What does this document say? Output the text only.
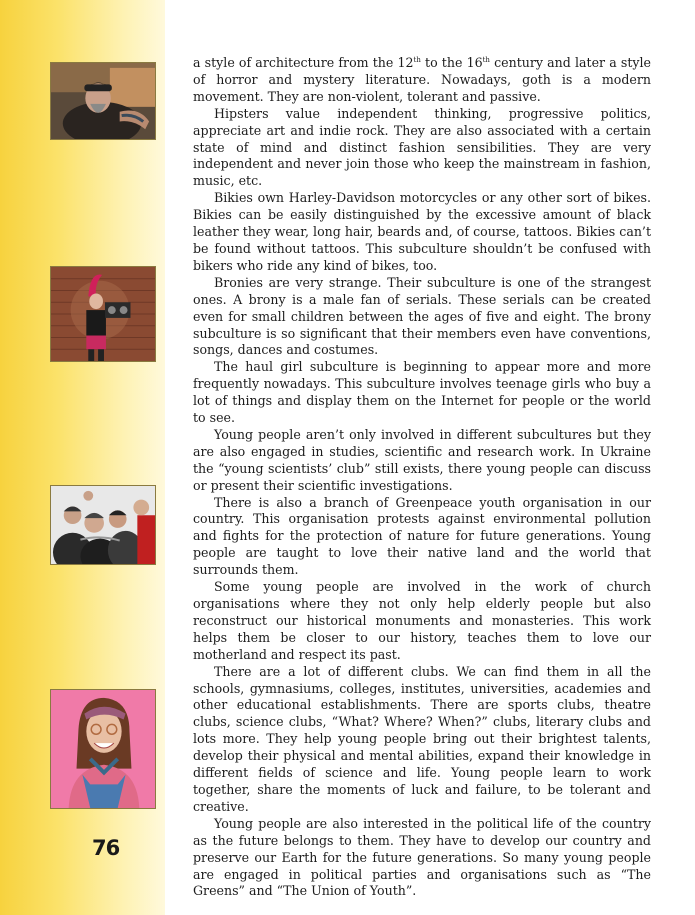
76

a style of architecture from the 12th to the 16th century and later a style of horror and mystery literature. Nowadays, goth is a modern movement. They are non-violent, tolerant and passive.

Hipsters value independent thinking, progressive politics, appreciate art and indie rock. They are also associated with a certain state of mind and distinct fashion sensibilities. They are very independent and never join those who keep the mainstream in fashion, music, etc.

Bikies own Harley-Davidson motorcycles or any other sort of bikes. Bikies can be easily distinguished by the excessive amount of black leather they wear, long hair, beards and, of course, tattoos. Bikies can’t be found without tattoos. This subculture shouldn’t be confused with bikers who ride any kind of bikes, too.

Bronies are very strange. Their subculture is one of the strangest ones. A brony is a male fan of serials. These serials can be created even for small children between the ages of five and eight. The brony subculture is so significant that their members even have conventions, songs, dances and costumes.

The haul girl subculture is beginning to appear more and more frequently nowadays. This subculture involves teenage girls who buy a lot of things and display them on the Internet for people or the world to see.

Young people aren’t only involved in different subcultures but they are also engaged in studies, scientific and research work. In Ukraine the “young scientists’ club” still exists, there young people can discuss or present their scientific investigations.

There is also a branch of Greenpeace youth organisation in our country. This organisation protests against environmental pollution and fights for the protection of nature for future generations. Young people are taught to love their native land and the world that surrounds them.

Some young people are involved in the work of church organisations where they not only help elderly people but also reconstruct our historical monuments and monasteries. This work helps them be closer to our history, teaches them to love our motherland and respect its past.

There are a lot of different clubs. We can find them in all the schools, gymnasiums, colleges, institutes, universities, academies and other educational establishments. There are sports clubs, theatre clubs, science clubs, “What? Where? When?” clubs, literary clubs and lots more. They help young people bring out their brightest talents, develop their physical and mental abilities, expand their knowledge in different fields of science and life. Young people learn to work together, share the moments of luck and failure, to be tolerant and creative.

Young people are also interested in the political life of the country as the future belongs to them. They have to develop our country and preserve our Earth for the future generations. So many young people are engaged in political parties and organisations such as “The Greens” and “The Union of Youth”.
